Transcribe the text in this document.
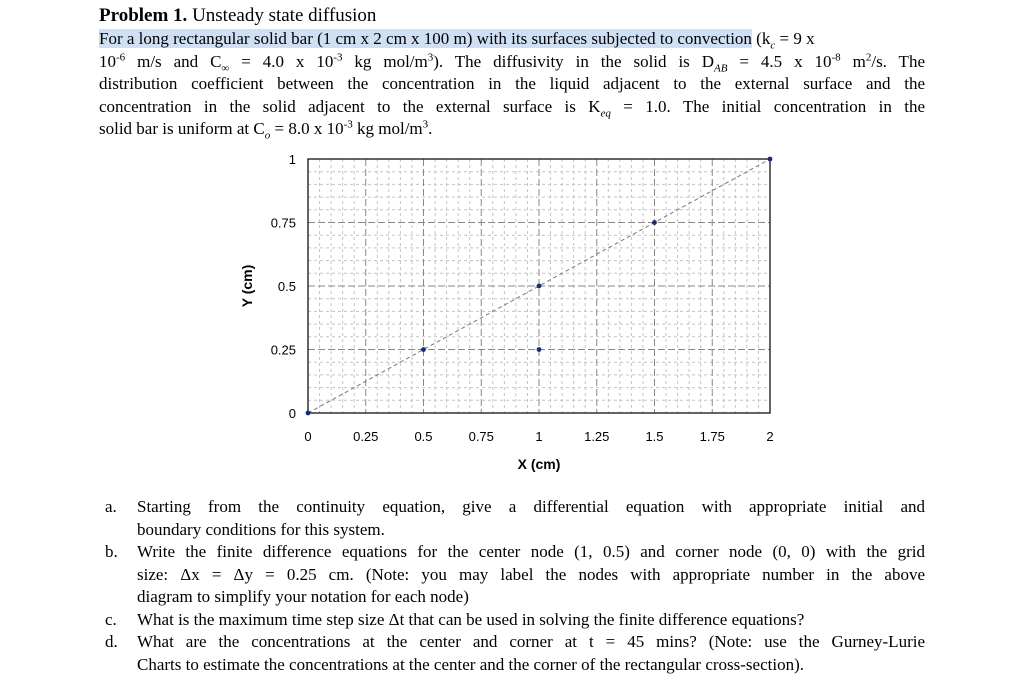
Problem 1. Unsteady state diffusion
For a long rectangular solid bar (1 cm x 2 cm x 100 m) with its surfaces subjected to convection ($k_c = 9$ x
$10^{-6}$ m/s and $C_\infty = 4.0$ x $10^{-3}$ kg mol/$m^3$). The diffusivity in the solid is $D_{AB} = 4.5$ x $10^{-8}$ $m^2/s$. The
distribution coefficient between the concentration in the liquid adjacent to the external surface and the
concentration in the solid adjacent to the external surface is $K_{eq} = 1.0$. The initial concentration in the
solid bar is uniform at $C_o = 8.0$ x $10^{-3}$ kg mol/$m^3$.
0	0.25	0.5	0.75	1	1.25	1.5	1.75	2
0
0.25
0.5
0.75
1
X (cm)
Y (cm)
a. Starting from the continuity equation, give a differential equation with appropriate initial and
boundary conditions for this system.
b. Write the finite difference equations for the center node (1, 0.5) and corner node (0, 0) with the grid
size: Δx = Δy = 0.25 cm. (Note: you may label the nodes with appropriate number in the above
diagram to simplify your notation for each node)
c. What is the maximum time step size Δt that can be used in solving the finite difference equations?
d. What are the concentrations at the center and corner at t = 45 mins? (Note: use the Gurney-Lurie
Charts to estimate the concentrations at the center and the corner of the rectangular cross-section).
